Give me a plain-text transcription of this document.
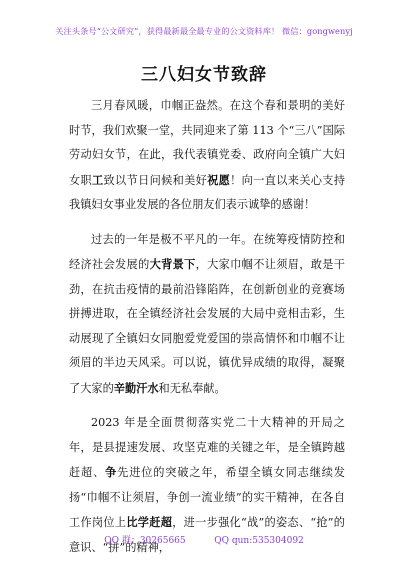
关注头条号“公文研究”，获得最新最全最专业的公文资料库！ 微信：gongwenyj
三八妇女节致辞

三月春风暖，巾帼正盎然。在这个春和景明的美好时节，我们欢聚一堂，共同迎来了第 113 个“三八”国际劳动妇女节，在此，我代表镇党委、政府向全镇广大妇女职工致以节日问候和美好祝愿！向一直以来关心支持我镇妇女事业发展的各位朋友们表示诚挚的感谢！

过去的一年是极不平凡的一年。在统筹疫情防控和经济社会发展的大背景下，大家巾帼不让须眉，敢是干劲，在抗击疫情的最前沿锋陷阵，在创新创业的竞赛场拼搏进取，在全镇经济社会发展的大局中竞相击彩，生动展现了全镇妇女同胞爱党爱国的崇高情怀和巾帼不让须眉的半边天风采。可以说，镇优异成绩的取得，凝聚了大家的辛勤汗水和无私奉献。

2023 年是全面贯彻落实党二十大精神的开局之年，是县提速发展、攻坚克难的关键之年，是全镇跨越赶超、争先进位的突破之年，希望全镇女同志继续发扬“巾帼不让须眉，争创一流业绩”的实干精神，在各自工作岗位上比学赶超，进一步强化“战”的姿态、“抢”的意识、“拼”的精神，

QQ 群：30265665          QQ qun:535304092
